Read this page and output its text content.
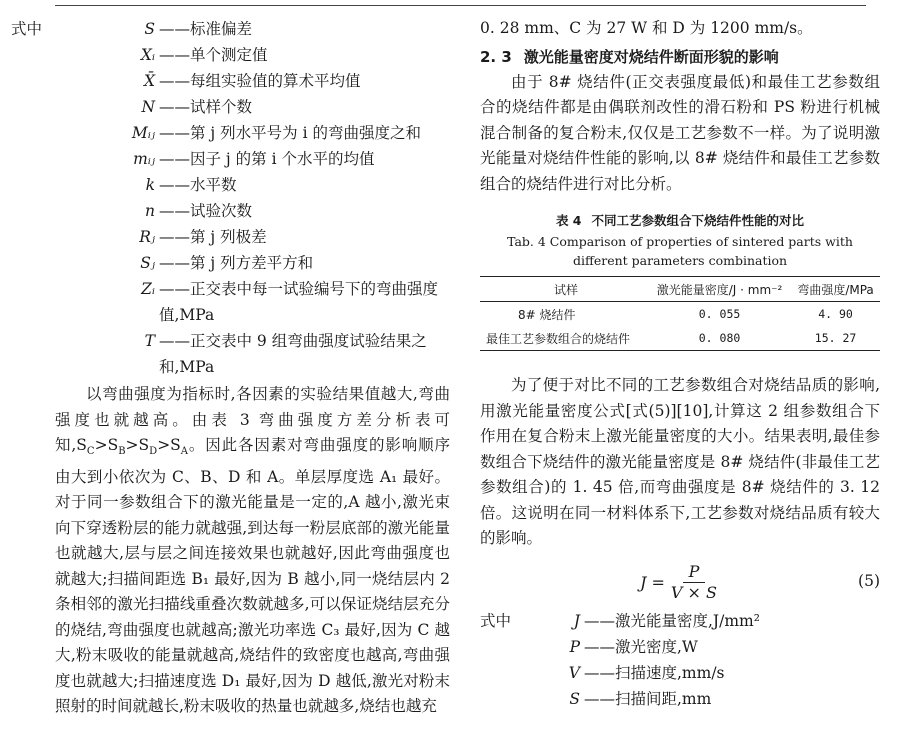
式中	S ——标准偏差
Xᵢ ——单个测定值
X̄ ——每组实验值的算术平均值
N ——试样个数
Mᵢⱼ ——第 j 列水平号为 i 的弯曲强度之和
mᵢⱼ ——因子 j 的第 i 个水平的均值
k ——水平数
n ——试验次数
Rⱼ ——第 j 列极差
Sⱼ ——第 j 列方差平方和
Zᵢ ——正交表中每一试验编号下的弯曲强度值,MPa
T ——正交表中 9 组弯曲强度试验结果之和,MPa

以弯曲强度为指标时,各因素的实验结果值越大,弯曲强度也就越高。由表 3 弯曲强度方差分析表可知$,S_C>S_B>S_D>S_A$。因此各因素对弯曲强度的影响顺序由大到小依次为 C、B、D 和 A。单层厚度选 A₁ 最好。对于同一参数组合下的激光能量是一定的,A 越小,激光束向下穿透粉层的能力就越强,到达每一粉层底部的激光能量也就越大,层与层之间连接效果也就越好,因此弯曲强度也就越大;扫描间距选 B₁ 最好,因为 B 越小,同一烧结层内 2 条相邻的激光扫描线重叠次数就越多,可以保证烧结层充分的烧结,弯曲强度也就越高;激光功率选 C₃ 最好,因为 C 越大,粉末吸收的能量就越高,烧结件的致密度也越高,弯曲强度也就越大;扫描速度选 D₁ 最好,因为 D 越低,激光对粉末照射的时间就越长,粉末吸收的热量也就越多,烧结也越充

0. 28 mm、C 为 27 W 和 D 为 1200 mm/s。

2. 3 激光能量密度对烧结件断面形貌的影响

由于 8# 烧结件(正交表强度最低)和最佳工艺参数组合的烧结件都是由偶联剂改性的滑石粉和 PS 粉进行机械混合制备的复合粉末,仅仅是工艺参数不一样。为了说明激光能量对烧结件性能的影响,以 8# 烧结件和最佳工艺参数组合的烧结件进行对比分析。

表 4 不同工艺参数组合下烧结件性能的对比
Tab. 4 Comparison of properties of sintered parts with different parameters combination
试样	激光能量密度/J · mm⁻²	弯曲强度/MPa
8# 烧结件	0. 055	4. 90
最佳工艺参数组合的烧结件	0. 080	15. 27

为了便于对比不同的工艺参数组合对烧结品质的影响,用激光能量密度公式[式(5)][10],计算这 2 组参数组合下作用在复合粉末上激光能量密度的大小。结果表明,最佳参数组合下烧结件的激光能量密度是 8# 烧结件(非最佳工艺参数组合)的 1. 45 倍,而弯曲强度是 8# 烧结件的 3. 12 倍。这说明在同一材料体系下,工艺参数对烧结品质有较大的影响。

$J = \frac{P}{V \times S}$	(5)
式中	J ——激光能量密度,J/mm²
P ——激光密度,W
V ——扫描速度,mm/s
S ——扫描间距,mm
